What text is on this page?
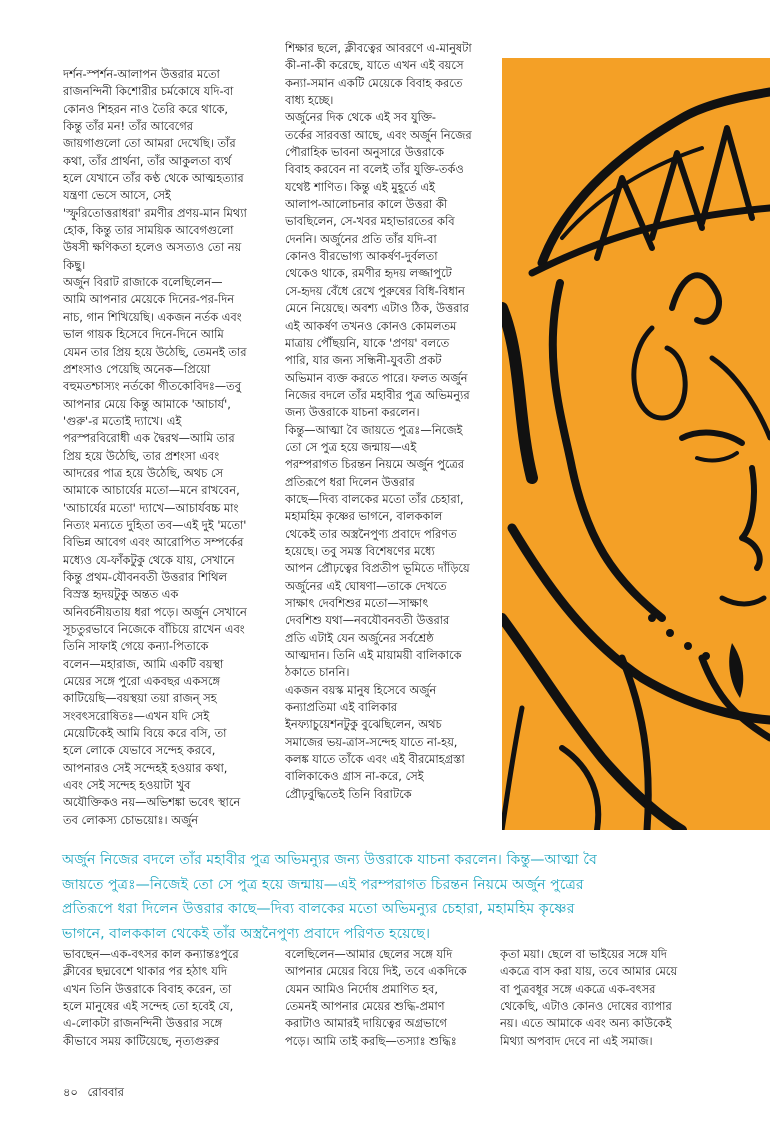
দর্শন-স্পর্শন-আলাপন উত্তরার মতো
রাজনন্দিনী কিশোরীর চর্মকোষে যদি-বা
কোনও শিহরন নাও তৈরি করে থাকে,
কিন্তু তাঁর মন! তাঁর আবেগের
জায়গাগুলো তো আমরা দেখেছি। তাঁর
কথা, তাঁর প্রার্থনা, তাঁর আকুলতা ব্যর্থ
হলে যেখানে তাঁর কণ্ঠ থেকে আত্মহত্যার
যন্ত্রণা ভেসে আসে, সেই
'স্ফুরিতোত্তরাধরা' রমণীর প্রণয়-মান মিথ্যা
হোক, কিন্তু তার সাময়িক আবেগগুলো
উষসী ক্ষণিকতা হলেও অসত্যও তো নয়
কিছু।
অর্জুন বিরাট রাজাকে বলেছিলেন—
আমি আপনার মেয়েকে দিনের-পর-দিন
নাচ, গান শিখিয়েছি। একজন নর্তক এবং
ভাল গায়ক হিসেবে দিনে-দিনে আমি
যেমন তার প্রিয় হয়ে উঠেছি, তেমনই তার
প্রশংসাও পেয়েছি অনেক—প্রিয়ো
বহুমতশ্চাস্যং নর্তকো গীতকোবিদঃ—তবু
আপনার মেয়ে কিন্তু আমাকে 'আচার্য',
'গুরু'-র মতোই দ্যাখে। এই
পরস্পরবিরোধী এক দ্বৈরথ—আমি তার
প্রিয় হয়ে উঠেছি, তার প্রশংসা এবং
আদরের পাত্র হয়ে উঠেছি, অথচ সে
আমাকে আচার্যের মতো—মনে রাখবেন,
'আচার্যের মতো' দ্যাখে—আচার্যবচ্চ মাং
নিত্যং মন্যতে দুহিতা তব—এই দুই 'মতো'
বিভিন্ন আবেগ এবং আরোপিত সম্পর্কের
মধ্যেও যে-ফাঁকটুকু থেকে যায়, সেখানে
কিন্তু প্রথম-যৌবনবতী উত্তরার শিথিল
বিস্রস্ত হৃদয়টুকু অন্তত এক
অনিবর্চনীয়তায় ধরা পড়ে। অর্জুন সেখানে
সূচতুরভাবে নিজেকে বাঁচিয়ে রাখেন এবং
তিনি সাফাই গেয়ে কন্যা-পিতাকে
বলেন—মহারাজ, আমি একটি বয়স্থা
মেয়ের সঙ্গে পুরো একবছর একসঙ্গে
কাটিয়েছি—বয়স্থয়া তয়া রাজন্ সহ
সংবৎসরোষিতঃ—এখন যদি সেই
মেয়েটিকেই আমি বিয়ে করে বসি, তা
হলে লোকে যেভাবে সন্দেহ করবে,
আপনারও সেই সন্দেহই হওয়ার কথা,
এবং সেই সন্দেহ হওয়াটা খুব
অযৌক্তিকও নয়—অভিশঙ্কা ভবেৎ স্থানে
তব লোকস্য চোভয়োঃ। অর্জুন
শিক্ষার ছলে, ক্লীবত্বের আবরণে এ-মানুষটা
কী-না-কী করেছে, যাতে এখন এই বয়সে
কন্যা-সমান একটি মেয়েকে বিবাহ করতে
বাধ্য হচ্ছে।
অর্জুনের দিক থেকে এই সব যুক্তি-
তর্কের সারবত্তা আছে, এবং অর্জুন নিজের
পৌরাহিক ভাবনা অনুসারে উত্তরাকে
বিবাহ করবেন না বলেই তাঁর যুক্তি-তর্কও
যথেষ্ট শাণিত। কিন্তু এই মুহূর্তে এই
আলাপ-আলোচনার কালে উত্তরা কী
ভাবছিলেন, সে-খবর মহাভারতের কবি
দেননি। অর্জুনের প্রতি তাঁর যদি-বা
কোনও বীরভোগ্য আকর্ষণ-দুর্বলতা
থেকেও থাকে, রমণীর হৃদয় লজ্জাপুটে
সে-হৃদয় বেঁধে রেখে পুরুষের বিধি-বিধান
মেনে নিয়েছে। অবশ্য এটাও ঠিক, উত্তরার
এই আকর্ষণ তখনও কোনও কোমলতম
মাত্রায় পৌঁছয়নি, যাকে 'প্রণয়' বলতে
পারি, যার জন্য সন্ধিনী-যুবতী প্রকট
অভিমান ব্যক্ত করতে পারে। ফলত অর্জুন
নিজের বদলে তাঁর মহাবীর পুত্র অভিমন্যুর
জন্য উত্তরাকে যাচনা করলেন।
কিন্তু—আত্মা বৈ জায়তে পুত্রঃ—নিজেই
তো সে পুত্র হয়ে জন্মায়—এই
পরম্পরাগত চিরন্তন নিয়মে অর্জুন পুত্রের
প্রতিরূপে ধরা দিলেন উত্তরার
কাছে—দিব্য বালকের মতো তাঁর চেহারা,
মহামহিম কৃষ্ণের ভাগনে, বালককাল
থেকেই তার অস্ত্রনৈপুণ্য প্রবাদে পরিণত
হয়েছে। তবু সমস্ত বিশেষণের মধ্যে
আপন প্রৌঢ়ত্বের বিপ্রতীপ ভূমিতে দাঁড়িয়ে
অর্জুনের এই ঘোষণা—তাকে দেখতে
সাক্ষাৎ দেবশিশুর মতো—সাক্ষাৎ
দেবশিশু যথা—নবযৌবনবতী উত্তরার
প্রতি এটাই যেন অর্জুনের সর্বশ্রেষ্ঠ
আত্মদান। তিনি এই মায়াময়ী বালিকাকে
ঠকাতে চাননি।
একজন বয়স্ক মানুষ হিসেবে অর্জুন
কন্যাপ্রতিমা এই বালিকার
ইনফ্যাচুয়েশনটুকু বুঝেছিলেন, অথচ
সমাজের ভয়-ত্রাস-সন্দেহ যাতে না-হয়,
কলঙ্ক যাতে তাঁকে এবং এই বীরমোহগ্রস্তা
বালিকাকেও গ্রাস না-করে, সেই
প্রৌঢ়বুদ্ধিতেই তিনি বিরাটকে
অর্জুন নিজের বদলে তাঁর মহাবীর পুত্র অভিমন্যুর জন্য উত্তরাকে যাচনা করলেন। কিন্তু—আত্মা বৈ
জায়তে পুত্রঃ—নিজেই তো সে পুত্র হয়ে জন্মায়—এই পরম্পরাগত চিরন্তন নিয়মে অর্জুন পুত্রের
প্রতিরূপে ধরা দিলেন উত্তরার কাছে—দিব্য বালকের মতো অভিমন্যুর চেহারা, মহামহিম কৃষ্ণের
ভাগনে, বালককাল থেকেই তাঁর অস্ত্রনৈপুণ্য প্রবাদে পরিণত হয়েছে।
ভাবছেন—এক-বৎসর কাল কন্যান্তঃপুরে
ক্লীবের ছদ্মবেশে থাকার পর হঠাৎ যদি
এখন তিনি উত্তরাকে বিবাহ করেন, তা
হলে মানুষের এই সন্দেহ তো হবেই যে,
এ-লোকটা রাজনন্দিনী উত্তরার সঙ্গে
কীভাবে সময় কাটিয়েছে, নৃত্যগুরুর
বলেছিলেন—আমার ছেলের সঙ্গে যদি
আপনার মেয়ের বিয়ে দিই, তবে একদিকে
যেমন আমিও নির্দোষ প্রমাণিত হব,
তেমনই আপনার মেয়ের শুদ্ধি-প্রমাণ
করাটাও আমারই দায়িত্বের অগ্রভাগে
পড়ে। আমি তাই করছি—তস্যাঃ শুদ্ধিঃ
কৃতা ময়া। ছেলে বা ভাইয়ের সঙ্গে যদি
একত্রে বাস করা যায়, তবে আমার মেয়ে
বা পুত্রবধূর সঙ্গে একত্রে এক-বৎসর
থেকেছি, এটাও কোনও দোষের ব্যাপার
নয়। এতে আমাকে এবং অন্য কাউকেই
মিথ্যা অপবাদ দেবে না এই সমাজ।
৪০ রোববার
